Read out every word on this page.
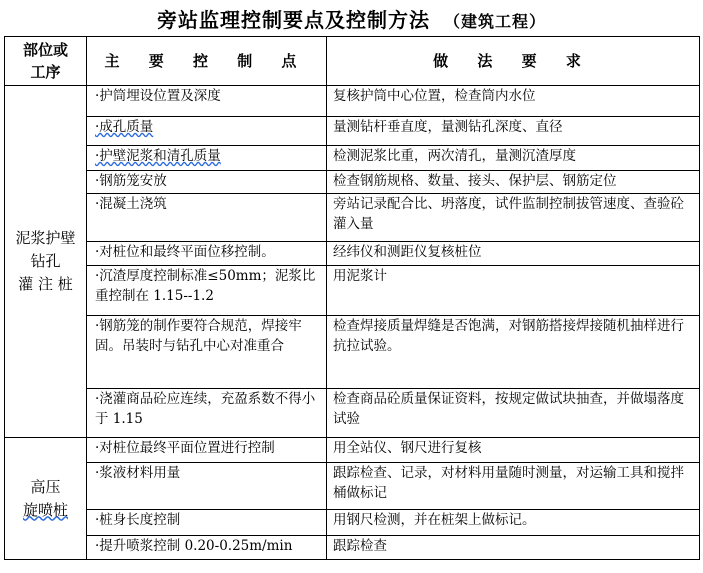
旁站监理控制要点及控制方法 （建筑工程）
部位或
工序	主 要 控 制 点	做 法 要 求

泥浆护壁
钻孔
灌 注 桩	·护筒埋设位置及深度	复核护筒中心位置，检查筒内水位
	·成孔质量	量测钻杆垂直度，量测钻孔深度、直径
	·护壁泥浆和清孔质量	检测泥浆比重，两次清孔，量测沉渣厚度
	·钢筋笼安放	检查钢筋规格、数量、接头、保护层、钢筋定位
	·混凝土浇筑	旁站记录配合比、坍落度，试件监制控制拔管速度、查验砼灌入量
	·对桩位和最终平面位移控制。	经纬仪和测距仪复核桩位
	·沉渣厚度控制标准≤50mm；泥浆比重控制在 1.15--1.2	用泥浆计
	·钢筋笼的制作要符合规范，焊接牢固。吊装时与钻孔中心对准重合	检查焊接质量焊缝是否饱满，对钢筋搭接焊接随机抽样进行抗拉试验。
	·浇灌商品砼应连续，充盈系数不得小于 1.15	检查商品砼质量保证资料，按规定做试块抽查，并做塌落度试验

高压
旋喷桩	·对桩位最终平面位置进行控制	用全站仪、钢尺进行复核
	·浆液材料用量	跟踪检查、记录，对材料用量随时测量，对运输工具和搅拌桶做标记
	·桩身长度控制	用钢尺检测，并在桩架上做标记。
	·提升喷浆控制 0.20-0.25m/min	跟踪检查
